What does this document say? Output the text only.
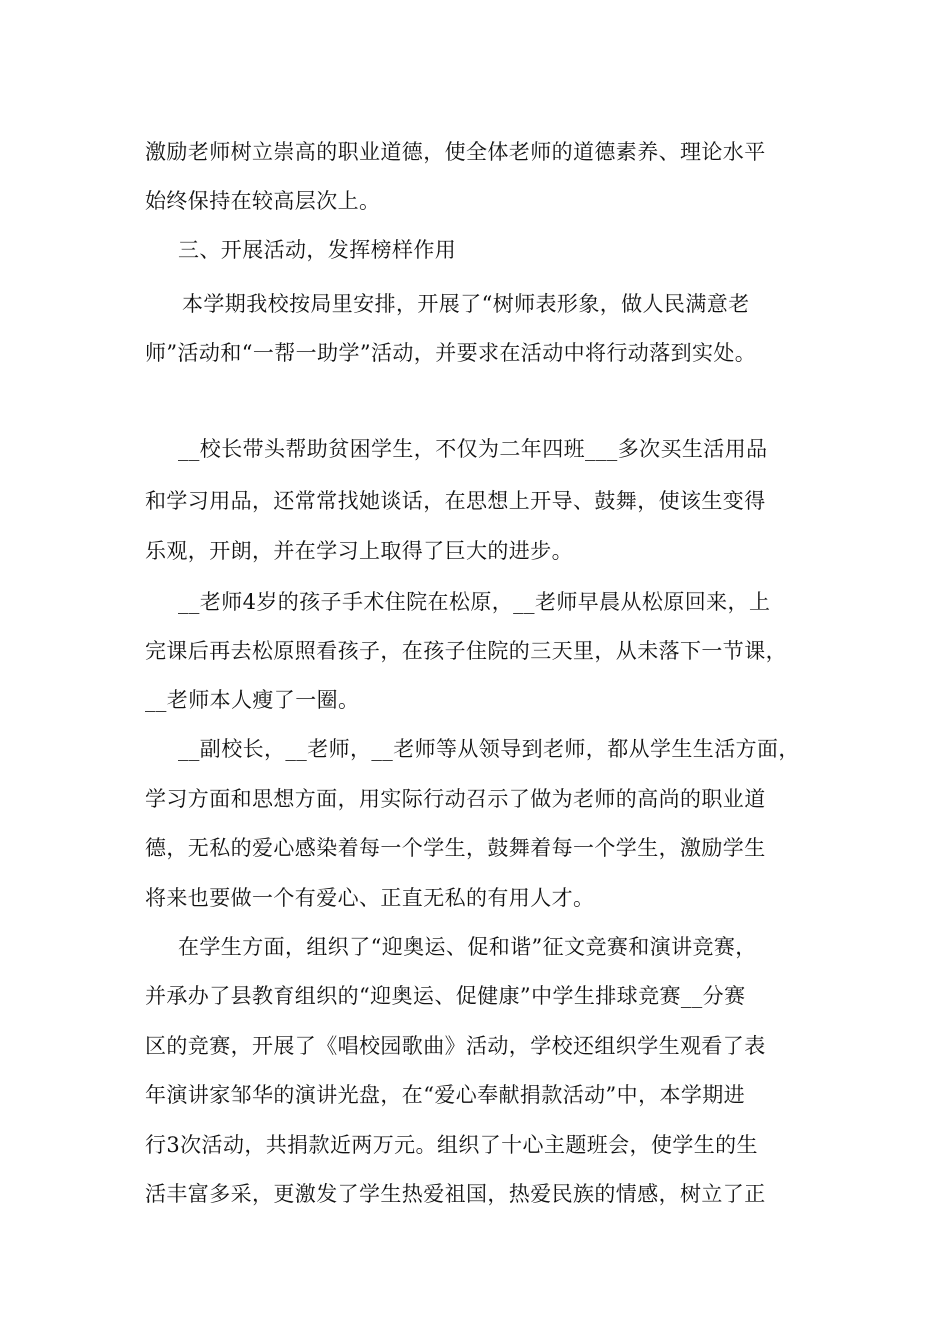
激励老师树立崇高的职业道德，使全体老师的道德素养、理论水平
始终保持在较高层次上。
三、开展活动，发挥榜样作用
本学期我校按局里安排，开展了“树师表形象，做人民满意老
师”活动和“一帮一助学”活动，并要求在活动中将行动落到实处。
__校长带头帮助贫困学生，不仅为二年四班___多次买生活用品
和学习用品，还常常找她谈话，在思想上开导、鼓舞，使该生变得
乐观，开朗，并在学习上取得了巨大的进步。
__老师4岁的孩子手术住院在松原，__老师早晨从松原回来，上
完课后再去松原照看孩子，在孩子住院的三天里，从未落下一节课，
__老师本人瘦了一圈。
__副校长，__老师，__老师等从领导到老师，都从学生生活方面，
学习方面和思想方面，用实际行动召示了做为老师的高尚的职业道
德，无私的爱心感染着每一个学生，鼓舞着每一个学生，激励学生
将来也要做一个有爱心、正直无私的有用人才。
在学生方面，组织了“迎奥运、促和谐”征文竞赛和演讲竞赛，
并承办了县教育组织的“迎奥运、促健康”中学生排球竞赛__分赛
区的竞赛，开展了《唱校园歌曲》活动，学校还组织学生观看了表
年演讲家邹华的演讲光盘，在“爱心奉献捐款活动”中，本学期进
行3次活动，共捐款近两万元。组织了十心主题班会，使学生的生
活丰富多采，更激发了学生热爱祖国，热爱民族的情感，树立了正
